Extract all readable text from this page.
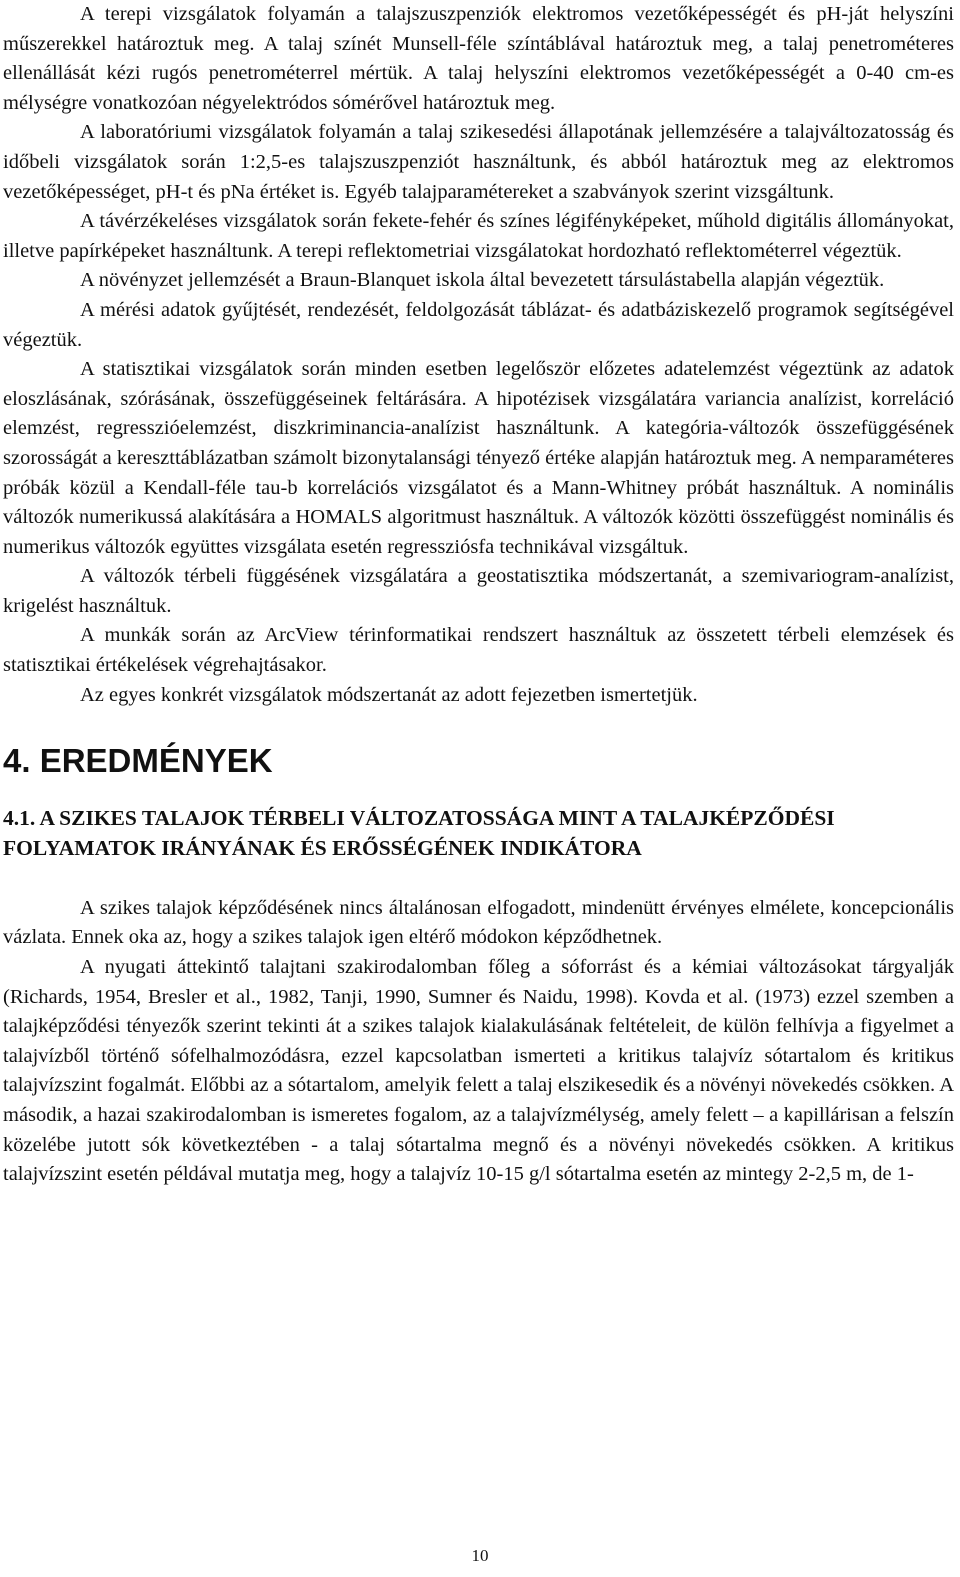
A terepi vizsgálatok folyamán a talajszuszpenziók elektromos vezetőképességét és pH-ját helyszíni műszerekkel határoztuk meg. A talaj színét Munsell-féle színtáblával határoztuk meg, a talaj penetrométeres ellenállását kézi rugós penetrométerrel mértük. A talaj helyszíni elektromos vezetőképességét a 0-40 cm-es mélységre vonatkozóan négyelektródos sómérővel határoztuk meg.

A laboratóriumi vizsgálatok folyamán a talaj szikesedési állapotának jellemzésére a talajváltozatosság és időbeli vizsgálatok során 1:2,5-es talajszuszpenziót használtunk, és abból határoztuk meg az elektromos vezetőképességet, pH-t és pNa értéket is. Egyéb talajparamétereket a szabványok szerint vizsgáltunk.

A távérzékeléses vizsgálatok során fekete-fehér és színes légifényképeket, műhold digitális állományokat, illetve papírképeket használtunk. A terepi reflektometriai vizsgálatokat hordozható reflektométerrel végeztük.

A növényzet jellemzését a Braun-Blanquet iskola által bevezetett társulástabella alapján végeztük.

A mérési adatok gyűjtését, rendezését, feldolgozását táblázat- és adatbáziskezelő programok segítségével végeztük.

A statisztikai vizsgálatok során minden esetben legelőször előzetes adatelemzést végeztünk az adatok eloszlásának, szórásának, összefüggéseinek feltárására. A hipotézisek vizsgálatára variancia analízist, korreláció elemzést, regresszióelemzést, diszkriminancia-analízist használtunk. A kategória-változók összefüggésének szorosságát a kereszttáblázatban számolt bizonytalansági tényező értéke alapján határoztuk meg. A nemparaméteres próbák közül a Kendall-féle tau-b korrelációs vizsgálatot és a Mann-Whitney próbát használtuk. A nominális változók numerikussá alakítására a HOMALS algoritmust használtuk. A változók közötti összefüggést nominális és numerikus változók együttes vizsgálata esetén regressziósfa technikával vizsgáltuk.

A változók térbeli függésének vizsgálatára a geostatisztika módszertanát, a szemivariogram-analízist, krigelést használtuk.

A munkák során az ArcView térinformatikai rendszert használtuk az összetett térbeli elemzések és statisztikai értékelések végrehajtásakor.

Az egyes konkrét vizsgálatok módszertanát az adott fejezetben ismertetjük.

4. EREDMÉNYEK
4.1. A SZIKES TALAJOK TÉRBELI VÁLTOZATOSSÁGA MINT A TALAJKÉPZŐDÉSI FOLYAMATOK IRÁNYÁNAK ÉS ERŐSSÉGÉNEK INDIKÁTORA

A szikes talajok képződésének nincs általánosan elfogadott, mindenütt érvényes elmélete, koncepcionális vázlata. Ennek oka az, hogy a szikes talajok igen eltérő módokon képződhetnek.

A nyugati áttekintő talajtani szakirodalomban főleg a sóforrást és a kémiai változásokat tárgyalják (Richards, 1954, Bresler et al., 1982, Tanji, 1990, Sumner és Naidu, 1998). Kovda et al. (1973) ezzel szemben a talajképződési tényezők szerint tekinti át a szikes talajok kialakulásának feltételeit, de külön felhívja a figyelmet a talajvízből történő sófelhalmozódásra, ezzel kapcsolatban ismerteti a kritikus talajvíz sótartalom és kritikus talajvízszint fogalmát. Előbbi az a sótartalom, amelyik felett a talaj elszikesedik és a növényi növekedés csökken. A második, a hazai szakirodalomban is ismeretes fogalom, az a talajvízmélység, amely felett – a kapillárisan a felszín közelébe jutott sók következtében - a talaj sótartalma megnő és a növényi növekedés csökken. A kritikus talajvízszint esetén példával mutatja meg, hogy a talajvíz 10-15 g/l sótartalma esetén az mintegy 2-2,5 m, de 1-

10
